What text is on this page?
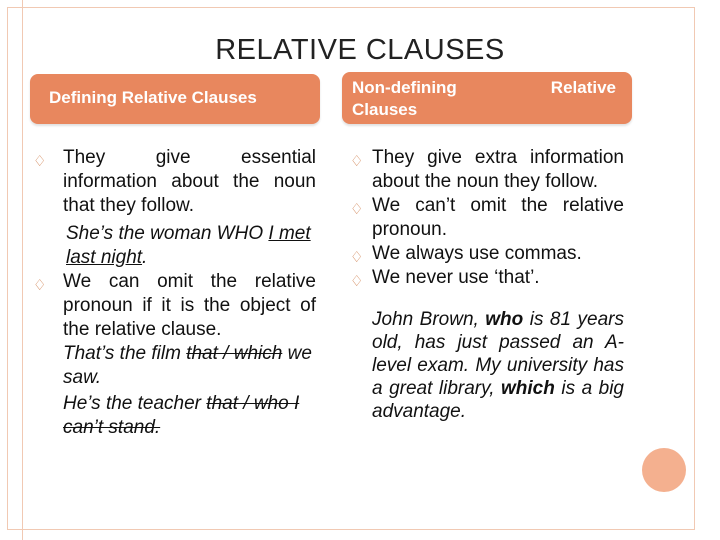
RELATIVE CLAUSES
Defining Relative Clauses
Non-defining	Relative
Clauses
♢ They give essential information about the noun that they follow.
She’s the woman WHO I met last night.
♢ We can omit the relative pronoun if it is the object of the relative clause.
That’s the film that / which we saw.
He’s the teacher that / who I can’t stand.
♢ They give extra information about the noun they follow.
♢ We can’t omit the relative pronoun.
♢ We always use commas.
♢ We never use ‘that’.
John Brown, who is 81 years old, has just passed an A-level exam. My university has a great library, which is a big advantage.
